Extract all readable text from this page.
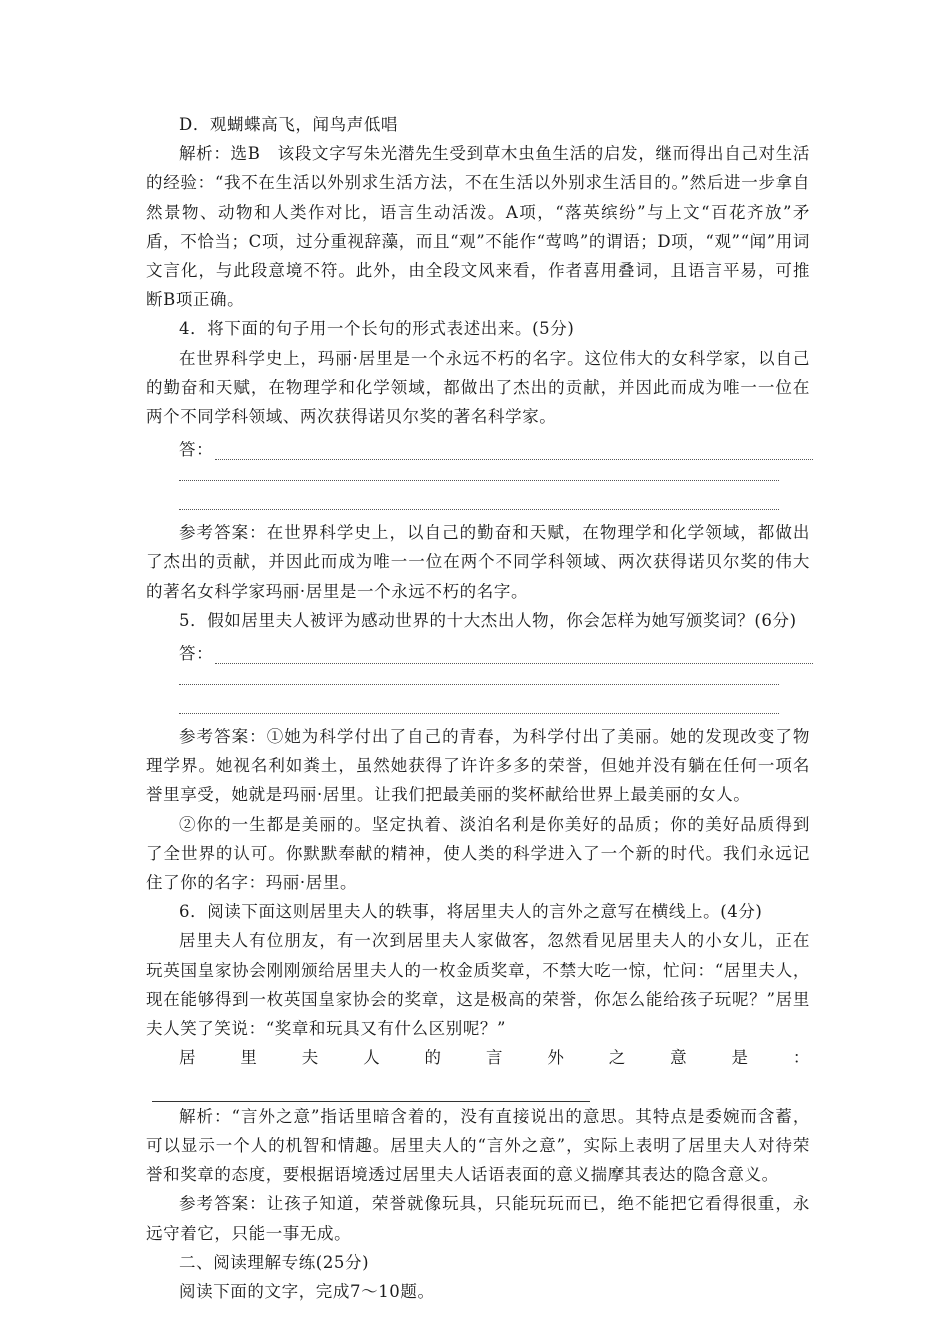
D．观蝴蝶高飞，闻鸟声低唱

解析：选B　该段文字写朱光潜先生受到草木虫鱼生活的启发，继而得出自己对生活的经验：“我不在生活以外别求生活方法，不在生活以外别求生活目的。”然后进一步拿自然景物、动物和人类作对比，语言生动活泼。A项，“落英缤纷”与上文“百花齐放”矛盾，不恰当；C项，过分重视辞藻，而且“观”不能作“莺鸣”的谓语；D项，“观”“闻”用词文言化，与此段意境不符。此外，由全段文风来看，作者喜用叠词，且语言平易，可推断B项正确。

4．将下面的句子用一个长句的形式表述出来。(5分)

在世界科学史上，玛丽·居里是一个永远不朽的名字。这位伟大的女科学家，以自己的勤奋和天赋，在物理学和化学领域，都做出了杰出的贡献，并因此而成为唯一一位在两个不同学科领域、两次获得诺贝尔奖的著名科学家。

答：

参考答案：在世界科学史上，以自己的勤奋和天赋，在物理学和化学领域，都做出了杰出的贡献，并因此而成为唯一一位在两个不同学科领域、两次获得诺贝尔奖的伟大的著名女科学家玛丽·居里是一个永远不朽的名字。

5．假如居里夫人被评为感动世界的十大杰出人物，你会怎样为她写颁奖词？(6分)

答：

参考答案：①她为科学付出了自己的青春，为科学付出了美丽。她的发现改变了物理学界。她视名利如粪土，虽然她获得了许许多多的荣誉，但她并没有躺在任何一项名誉里享受，她就是玛丽·居里。让我们把最美丽的奖杯献给世界上最美丽的女人。

②你的一生都是美丽的。坚定执着、淡泊名利是你美好的品质；你的美好品质得到了全世界的认可。你默默奉献的精神，使人类的科学进入了一个新的时代。我们永远记住了你的名字：玛丽·居里。

6．阅读下面这则居里夫人的轶事，将居里夫人的言外之意写在横线上。(4分)

居里夫人有位朋友，有一次到居里夫人家做客，忽然看见居里夫人的小女儿，正在玩英国皇家协会刚刚颁给居里夫人的一枚金质奖章，不禁大吃一惊，忙问：“居里夫人，现在能够得到一枚英国皇家协会的奖章，这是极高的荣誉，你怎么能给孩子玩呢？”居里夫人笑了笑说：“奖章和玩具又有什么区别呢？”

居里夫人的言外之意是：

解析：“言外之意”指话里暗含着的，没有直接说出的意思。其特点是委婉而含蓄，可以显示一个人的机智和情趣。居里夫人的“言外之意”，实际上表明了居里夫人对待荣誉和奖章的态度，要根据语境透过居里夫人话语表面的意义揣摩其表达的隐含意义。

参考答案：让孩子知道，荣誉就像玩具，只能玩玩而已，绝不能把它看得很重，永远守着它，只能一事无成。

二、阅读理解专练(25分)

阅读下面的文字，完成7～10题。
